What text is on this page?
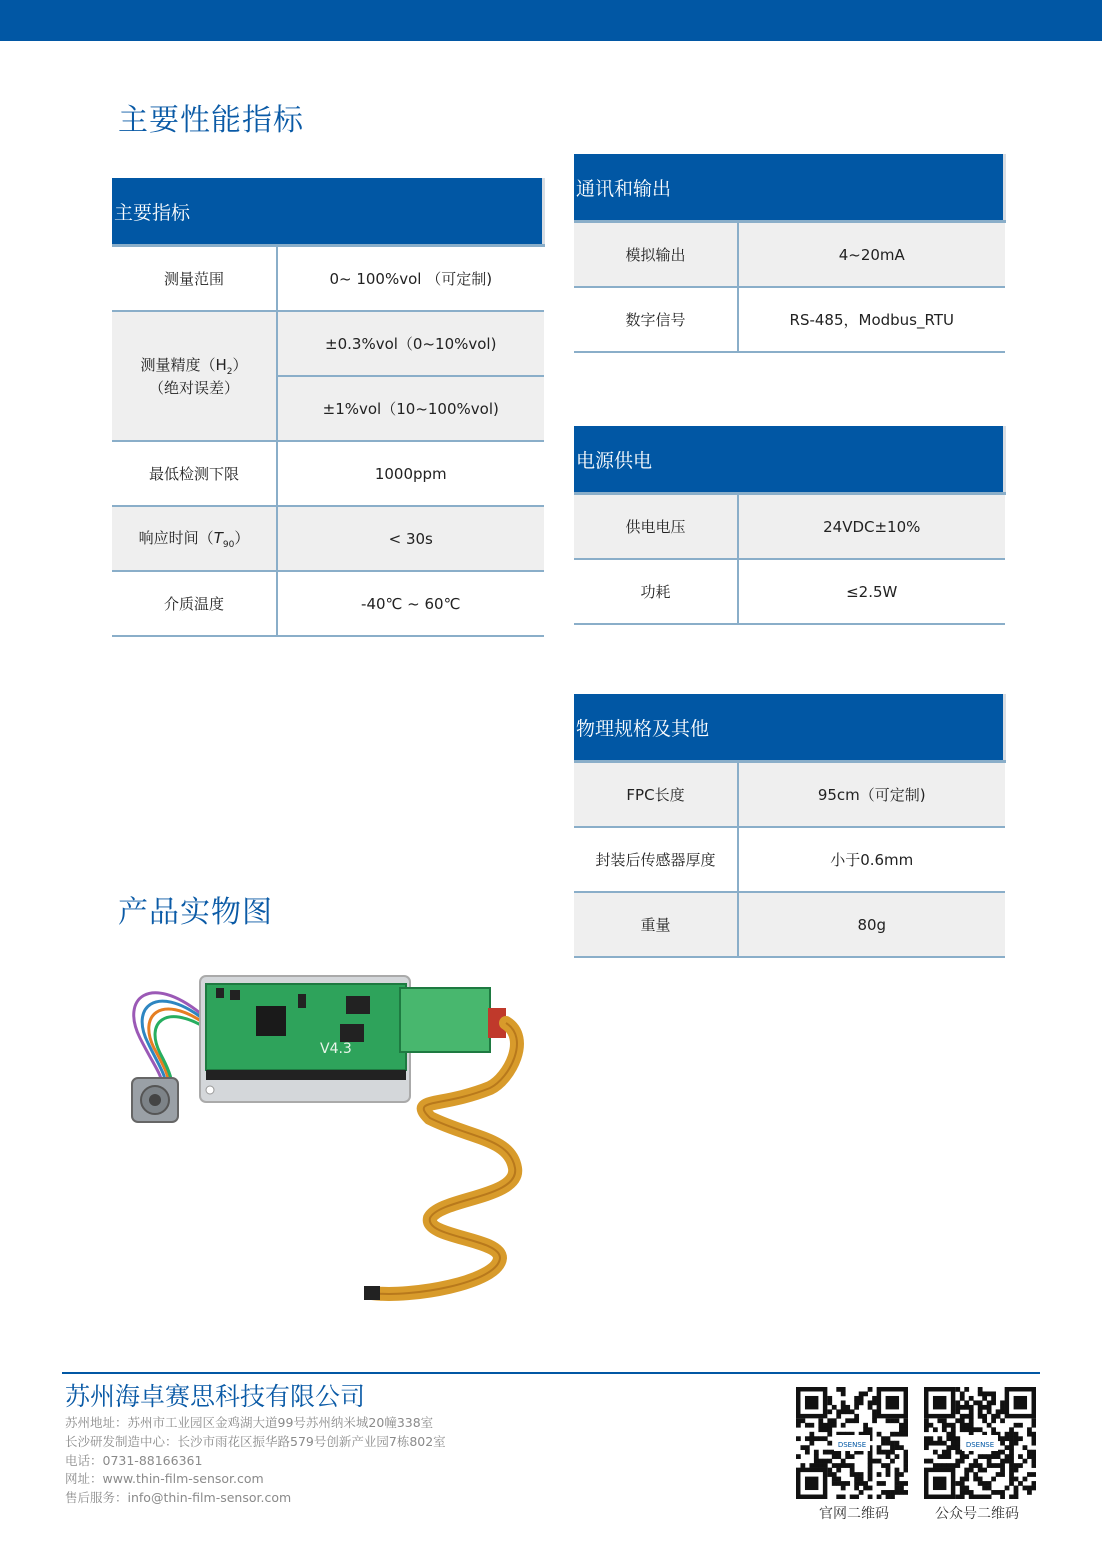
主要性能指标
主要指标	
测量范围	0~ 100%vol （可定制)
测量精度$(H_2)$
（绝对误差）	±0.3%vol（0~10%vol)
	±1%vol（10~100%vol)
最低检测下限	1000ppm
响应时间$(T_{90})$	< 30s
介质温度	-40℃ ~ 60℃
通讯和输出	
模拟输出	4~20mA
数字信号	RS-485，Modbus_RTU
电源供电	
供电电压	24VDC±10%
功耗	≤2.5W
物理规格及其他	
FPC长度	95cm（可定制)
封装后传感器厚度	小于0.6mm
重量	80g
产品实物图
V4.3
苏州海卓赛思科技有限公司
苏州地址：苏州市工业园区金鸡湖大道99号苏州纳米城20幢338室
长沙研发制造中心：长沙市雨花区振华路579号创新产业园7栋802室
电话：0731-88166361
网址：www.thin-film-sensor.com
售后服务：info@thin-film-sensor.com
DSENSE	DSENSE
官网二维码	公众号二维码
